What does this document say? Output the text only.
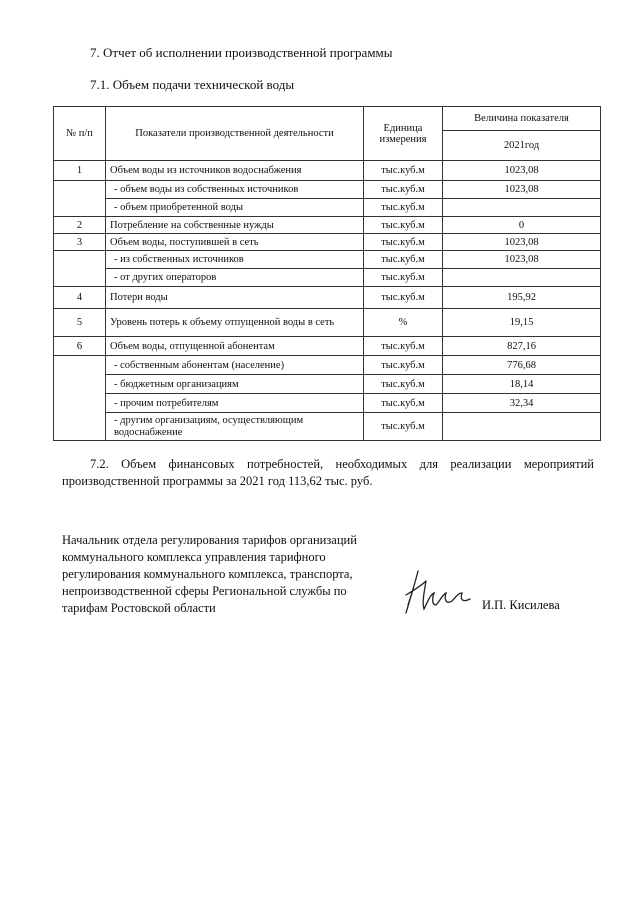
7. Отчет об исполнении производственной программы
7.1. Объем подачи технической воды
№ п/п	Показатели производственной деятельности	Единица измерения	Величина показателя
			2021год
1	Объем воды из источников водоснабжения	тыс.куб.м	1023,08
	- объем воды из собственных источников	тыс.куб.м	1023,08
	- объем приобретенной воды	тыс.куб.м	
2	Потребление на собственные нужды	тыс.куб.м	0
3	Объем воды, поступившей в сеть	тыс.куб.м	1023,08
	- из собственных источников	тыс.куб.м	1023,08
	- от других операторов	тыс.куб.м	
4	Потери воды	тыс.куб.м	195,92
5	Уровень потерь к объему отпущенной воды в сеть	%	19,15
6	Объем воды, отпущенной абонентам	тыс.куб.м	827,16
	- собственным абонентам (население)	тыс.куб.м	776,68
	- бюджетным организациям	тыс.куб.м	18,14
	- прочим потребителям	тыс.куб.м	32,34
	- другим организациям, осуществляющим водоснабжение	тыс.куб.м	
7.2. Объем финансовых потребностей, необходимых для реализации мероприятий производственной программы за 2021 год 113,62 тыс. руб.
Начальник отдела регулирования тарифов организаций коммунального комплекса управления тарифного регулирования коммунального комплекса, транспорта, непроизводственной сферы Региональной службы по тарифам Ростовской области	И.П. Кисилева
